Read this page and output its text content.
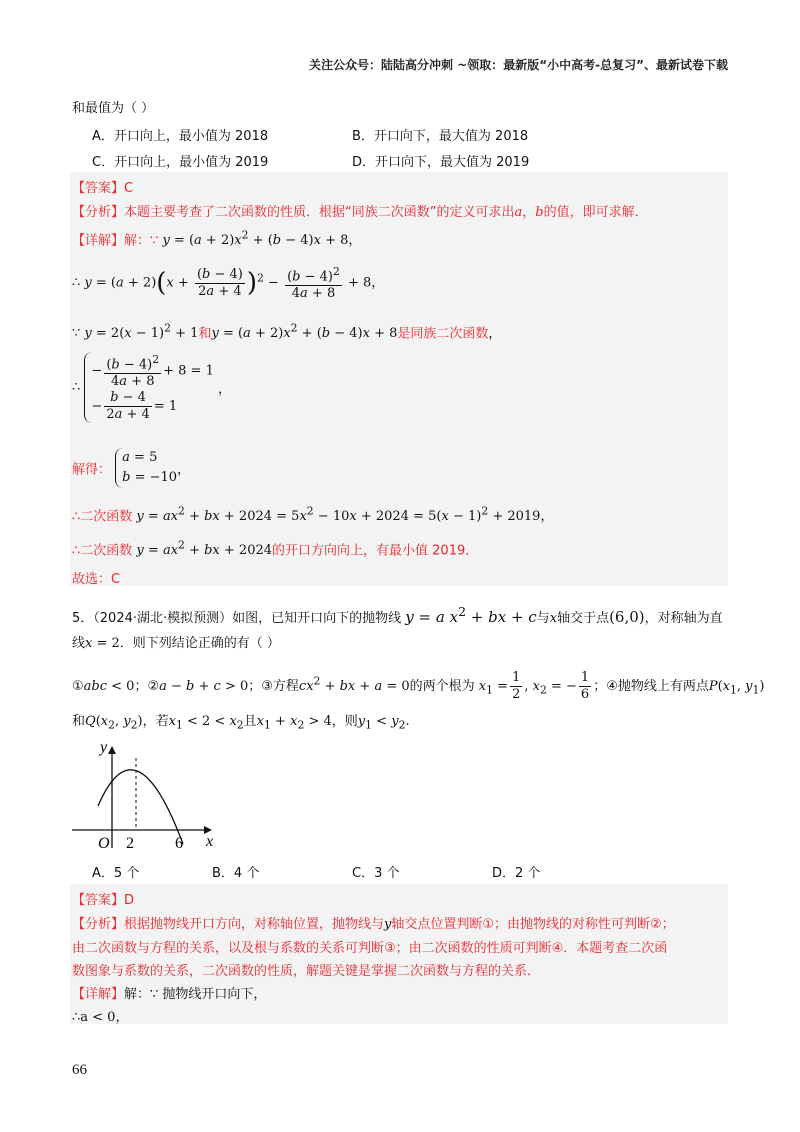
关注公众号：陆陆高分冲刺 ~领取：最新版“小中高考-总复习”、最新试卷下载
和最值为（ ）
A．开口向上，最小值为 2018	B．开口向下，最大值为 2018
C．开口向上，最小值为 2019	D．开口向下，最大值为 2019
【答案】C
【分析】本题主要考查了二次函数的性质．根据“同族二次函数”的定义可求出a，b的值，即可求解．
【详解】解：∵ $y = (a + 2)x^2 + (b - 4)x + 8$，
∴ $y = (a + 2)(x + \frac{(b - 4)}{2a + 4} )^2 - \frac{(b - 4)^2}{4a + 8} + 8$，
∵ $y = 2(x - 1)^2 + 1$和$y = (a + 2)x^2 + (b - 4)x + 8$是同族二次函数，
∴
− $\frac{(b - 4)^2}{4a + 8} + 8 = 1$
− $\frac{b - 4}{2a + 4} = 1$
，
解得：
a = 5
b = −10 ，
∴二次函数 $y = ax^2$ + bx + $2024 = 5x^2 - 10x + 2024 = 5(x - 1)^2 + 2019$，
∴二次函数 $y = ax^2$ + bx + 2024的开口方向向上，有最小值 2019．
故选：C
5．（2024·湖北·模拟预测）如图，已知开口向下的抛物线 y = a $x^2$ + bx + c与x轴交于点(6,0)，对称轴为直
线x = 2．则下列结论正确的有（ ）
①abc < 0；②a − b + c > 0；③方程$cx^2$ + bx + a = 0的两个根为 $x_1 = \frac{1}{2}$ , $x_2$ = − $\frac{1}{6}$ ；④抛物线上有两点$P(x_1$, $y_1$)
和$Q(x_2$, $y_2$)，若$x_1 < 2 < x_2$且$x_1 + x_2 > 4$，则$y_1 < y_2$.
y
x
O 2	6
A．5 个	B．4 个	C．3 个	D．2 个
【答案】D
【分析】根据抛物线开口方向，对称轴位置，抛物线与y轴交点位置判断①；由抛物线的对称性可判断②；
由二次函数与方程的关系，以及根与系数的关系可判断③；由二次函数的性质可判断④．本题考查二次函
数图象与系数的关系，二次函数的性质，解题关键是掌握二次函数与方程的关系．
【详解】解：∵ 抛物线开口向下，
∴a < 0，
66
